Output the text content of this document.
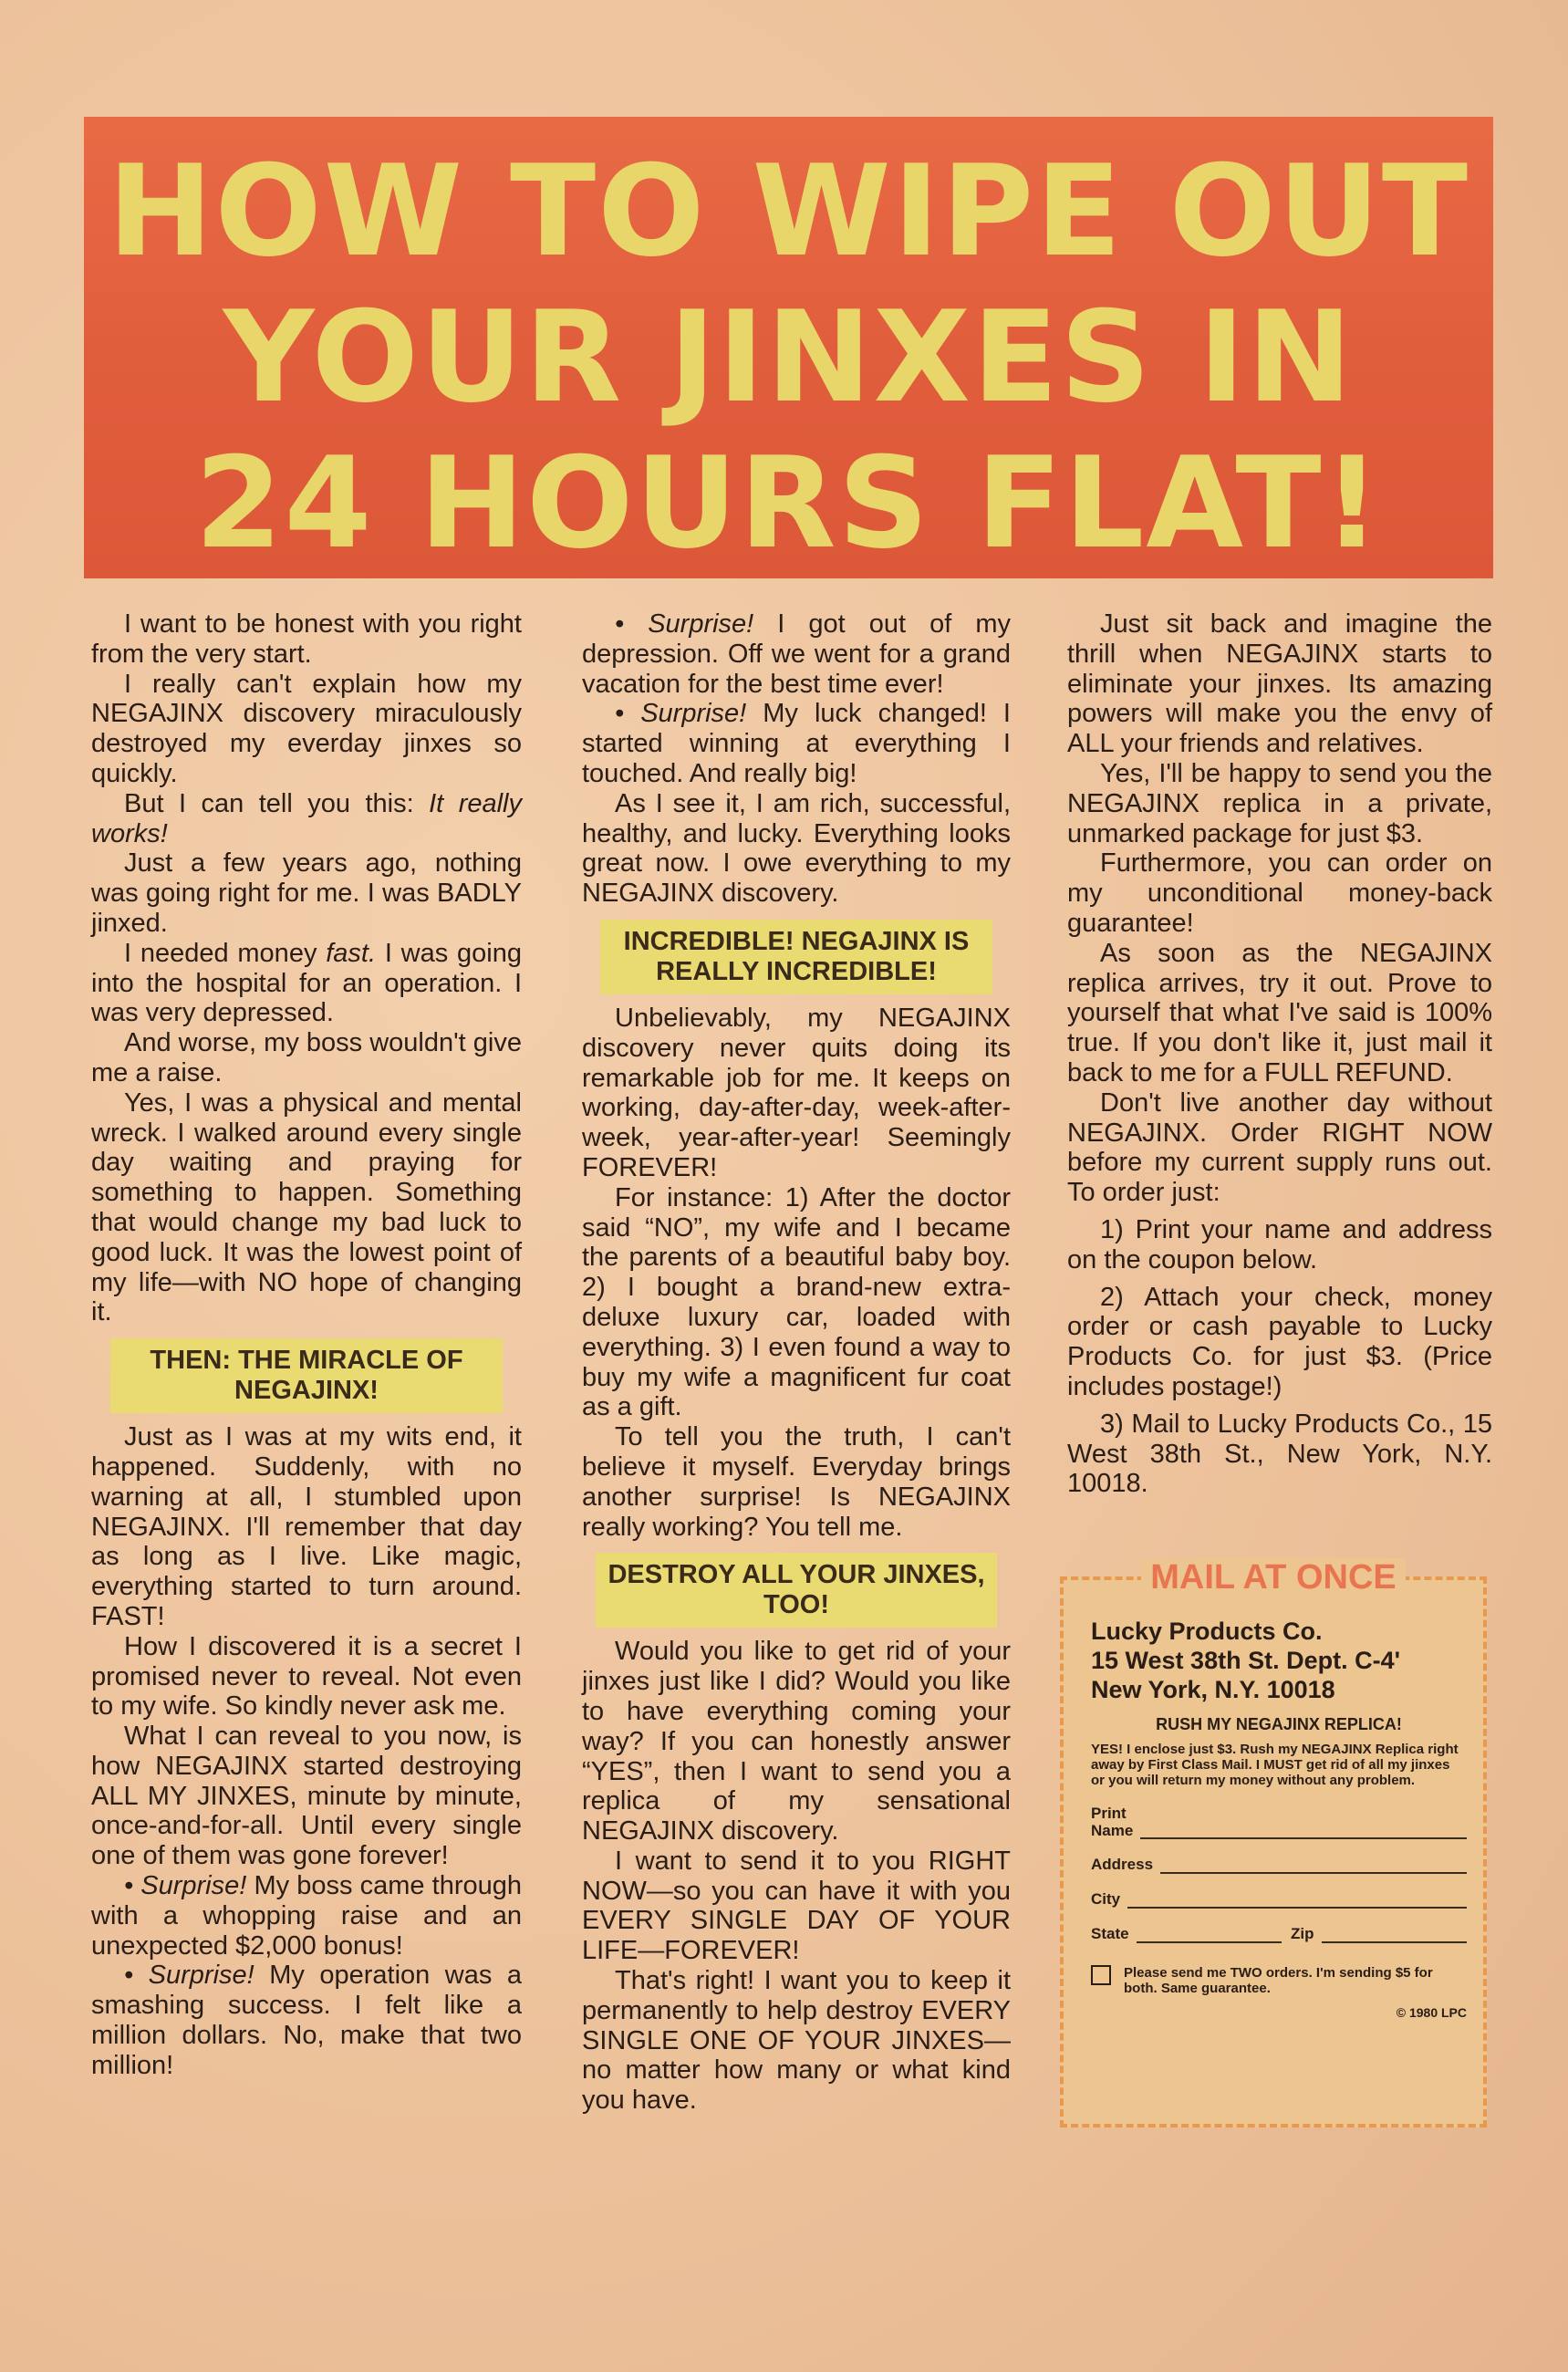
HOW TO WIPE OUT
YOUR JINXES IN
24 HOURS FLAT!

I want to be honest with you right from the very start.

I really can't explain how my NEGAJINX discovery miraculously destroyed my everday jinxes so quickly.

But I can tell you this: It really works!

Just a few years ago, nothing was going right for me. I was BADLY jinxed.

I needed money fast. I was going into the hospital for an operation. I was very depressed.

And worse, my boss wouldn't give me a raise.

Yes, I was a physical and mental wreck. I walked around every single day waiting and praying for something to happen. Something that would change my bad luck to good luck. It was the lowest point of my life—with NO hope of changing it.

THEN: THE MIRACLE OF NEGAJINX!

Just as I was at my wits end, it happened. Suddenly, with no warning at all, I stumbled upon NEGAJINX. I'll remember that day as long as I live. Like magic, everything started to turn around. FAST!

How I discovered it is a secret I promised never to reveal. Not even to my wife. So kindly never ask me.

What I can reveal to you now, is how NEGAJINX started destroying ALL MY JINXES, minute by minute, once-and-for-all. Until every single one of them was gone forever!

• Surprise! My boss came through with a whopping raise and an unexpected $2,000 bonus!

• Surprise! My operation was a smashing success. I felt like a million dollars. No, make that two million!

• Surprise! I got out of my depression. Off we went for a grand vacation for the best time ever!

• Surprise! My luck changed! I started winning at everything I touched. And really big!

As I see it, I am rich, successful, healthy, and lucky. Everything looks great now. I owe everything to my NEGAJINX discovery.

INCREDIBLE! NEGAJINX IS REALLY INCREDIBLE!

Unbelievably, my NEGAJINX discovery never quits doing its remarkable job for me. It keeps on working, day-after-day, week-after-week, year-after-year! Seemingly FOREVER!

For instance: 1) After the doctor said “NO”, my wife and I became the parents of a beautiful baby boy. 2) I bought a brand-new extra-deluxe luxury car, loaded with everything. 3) I even found a way to buy my wife a magnificent fur coat as a gift.

To tell you the truth, I can't believe it myself. Everyday brings another surprise! Is NEGAJINX really working? You tell me.

DESTROY ALL YOUR JINXES, TOO!

Would you like to get rid of your jinxes just like I did? Would you like to have everything coming your way? If you can honestly answer “YES”, then I want to send you a replica of my sensational NEGAJINX discovery.

I want to send it to you RIGHT NOW—so you can have it with you EVERY SINGLE DAY OF YOUR LIFE—FOREVER!

That's right! I want you to keep it permanently to help destroy EVERY SINGLE ONE OF YOUR JINXES—no matter how many or what kind you have.

Just sit back and imagine the thrill when NEGAJINX starts to eliminate your jinxes. Its amazing powers will make you the envy of ALL your friends and relatives.

Yes, I'll be happy to send you the NEGAJINX replica in a private, unmarked package for just $3.

Furthermore, you can order on my unconditional money-back guarantee!

As soon as the NEGAJINX replica arrives, try it out. Prove to yourself that what I've said is 100% true. If you don't like it, just mail it back to me for a FULL REFUND.

Don't live another day without NEGAJINX. Order RIGHT NOW before my current supply runs out. To order just:

1) Print your name and address on the coupon below.

2) Attach your check, money order or cash payable to Lucky Products Co. for just $3. (Price includes postage!)

3) Mail to Lucky Products Co., 15 West 38th St., New York, N.Y. 10018.

MAIL AT ONCE
Lucky Products Co.
15 West 38th St. Dept. C-4'
New York, N.Y. 10018
RUSH MY NEGAJINX REPLICA!
YES! I enclose just $3. Rush my NEGAJINX Replica right away by First Class Mail. I MUST get rid of all my jinxes or you will return my money without any problem.
Print
Name
Address
City
State	Zip
Please send me TWO orders. I'm sending $5 for both. Same guarantee.
© 1980 LPC
